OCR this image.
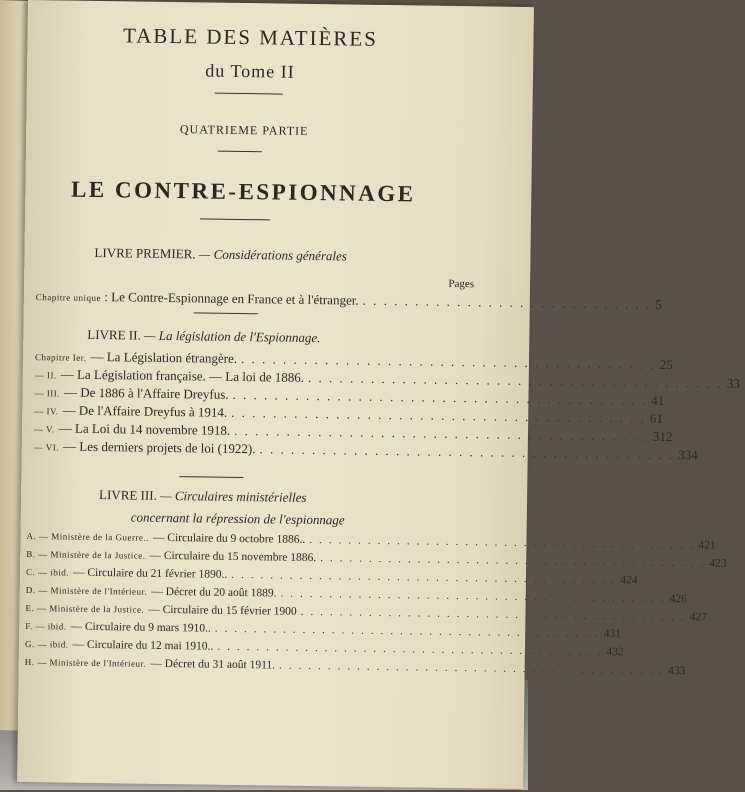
TABLE DES MATIÈRES
du Tome II
QUATRIEME PARTIE
LE CONTRE-ESPIONNAGE
LIVRE PREMIER. — Considérations générales
Pages
Chapitre unique : Le Contre-Espionnage en France et à l'étranger. . . . . . . . . . . . . . . . . . . . . . . . . . . . . 5
LIVRE II. — La législation de l'Espionnage.
Chapitre Ier. — La Législation étrangère. . . . . . . . . . . . . . . . . . . . . . . . . . . . . . . . . . . . . . . . . 25
— II. — La Législation française. — La loi de 1886. . . . . . . . . . . . . . . . . . . . . . . . . . . . . . . . . . . . . . . . . 33
— III. — De 1886 à l'Affaire Dreyfus. . . . . . . . . . . . . . . . . . . . . . . . . . . . . . . . . . . . . . . . . 41
— IV. — De l'Affaire Dreyfus à 1914. . . . . . . . . . . . . . . . . . . . . . . . . . . . . . . . . . . . . . . . . 61
— V. — La Loi du 14 novembre 1918. . . . . . . . . . . . . . . . . . . . . . . . . . . . . . . . . . . . . . . . . 312
— VI. — Les derniers projets de loi (1922). . . . . . . . . . . . . . . . . . . . . . . . . . . . . . . . . . . . . . . . . 334
LIVRE III. — Circulaires ministérielles
concernant la répression de l'espionnage
A. — Ministère de la Guerre.. — Circulaire du 9 octobre 1886.. . . . . . . . . . . . . . . . . . . . . . . . . . . . . . . . . . . . . . . . . 421
B. — Ministère de la Justice. — Circulaire du 15 novembre 1886. . . . . . . . . . . . . . . . . . . . . . . . . . . . . . . . . . . . . . . . . 423
C. — ibid. — Circulaire du 21 février 1890.. . . . . . . . . . . . . . . . . . . . . . . . . . . . . . . . . . . . . . . . . 424
D. — Ministère de l'Intérieur. — Décret du 20 août 1889. . . . . . . . . . . . . . . . . . . . . . . . . . . . . . . . . . . . . . . . . 426
E. — Ministère de la Justice. — Circulaire du 15 février 1900 . . . . . . . . . . . . . . . . . . . . . . . . . . . . . . . . . . . . . . . . 427
F. — ibid. — Circulaire du 9 mars 1910.. . . . . . . . . . . . . . . . . . . . . . . . . . . . . . . . . . . . . . . . . 431
G. — ibid. — Circulaire du 12 mai 1910.. . . . . . . . . . . . . . . . . . . . . . . . . . . . . . . . . . . . . . . . . 432
H. — Ministère de l'Intérieur. — Décret du 31 août 1911. . . . . . . . . . . . . . . . . . . . . . . . . . . . . . . . . . . . . . . . . 433
